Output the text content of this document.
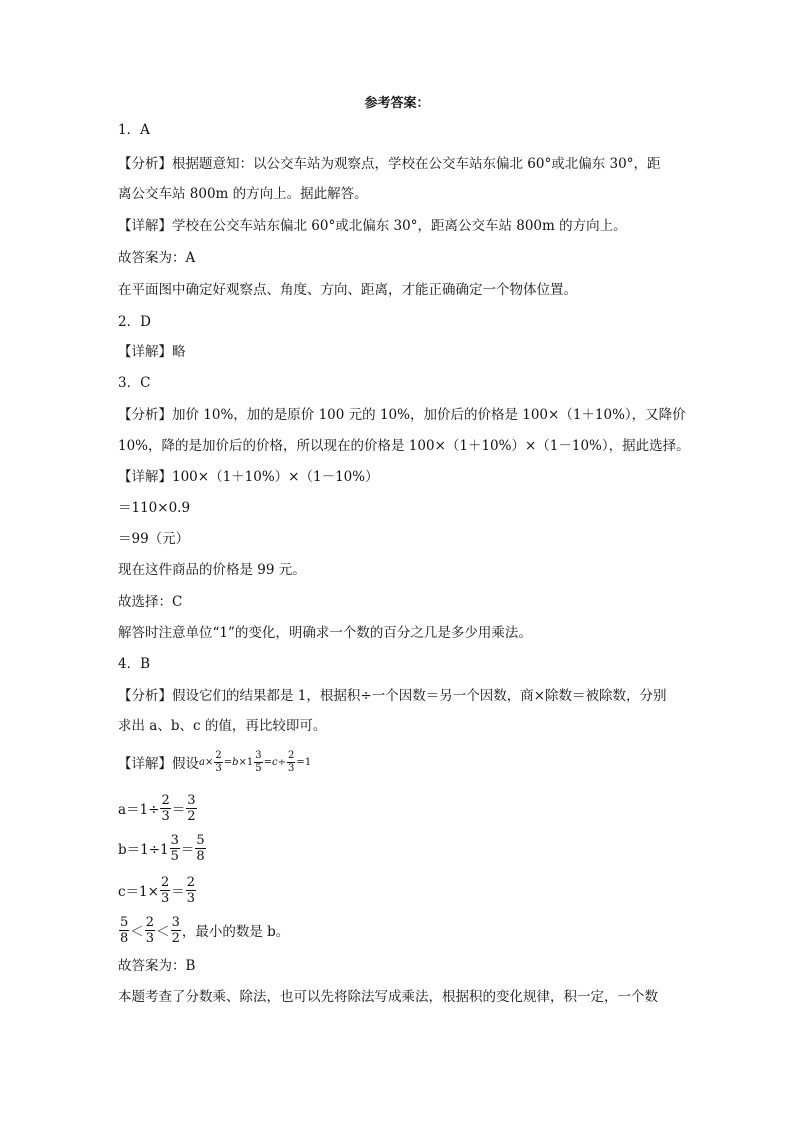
参考答案：
1．A
【分析】根据题意知：以公交车站为观察点，学校在公交车站东偏北 60°或北偏东 30°，距
离公交车站 800m 的方向上。据此解答。
【详解】学校在公交车站东偏北 60°或北偏东 30°，距离公交车站 800m 的方向上。
故答案为：A
在平面图中确定好观察点、角度、方向、距离，才能正确确定一个物体位置。
2．D
【详解】略
3．C
【分析】加价 10%，加的是原价 100 元的 10%，加价后的价格是 100×（1＋10%），又降价
10%，降的是加价后的价格，所以现在的价格是 100×（1＋10%）×（1－10%），据此选择。
【详解】100×（1＋10%）×（1－10%）
＝110×0.9
＝99（元）
现在这件商品的价格是 99 元。
故选择：C
解答时注意单位“1”的变化，明确求一个数的百分之几是多少用乘法。
4．B
【分析】假设它们的结果都是 1，根据积÷一个因数＝另一个因数，商×除数＝被除数，分别
求出 a、b、c 的值，再比较即可。
【详解】假设 $a \times \frac{2}{3} = b \times 1 \frac{3}{5} = c \div \frac{2}{3} = 1$
$a=1\div \frac{2}{3} = \frac{3}{2}$
$b=1\div 1 \frac{3}{5} = \frac{5}{8}$
$c=1\times \frac{2}{3} = \frac{2}{3}$
$\frac{5}{8} < \frac{2}{3} < \frac{3}{2}$ ，最小的数是 b。
故答案为：B
本题考查了分数乘、除法，也可以先将除法写成乘法，根据积的变化规律，积一定，一个数
